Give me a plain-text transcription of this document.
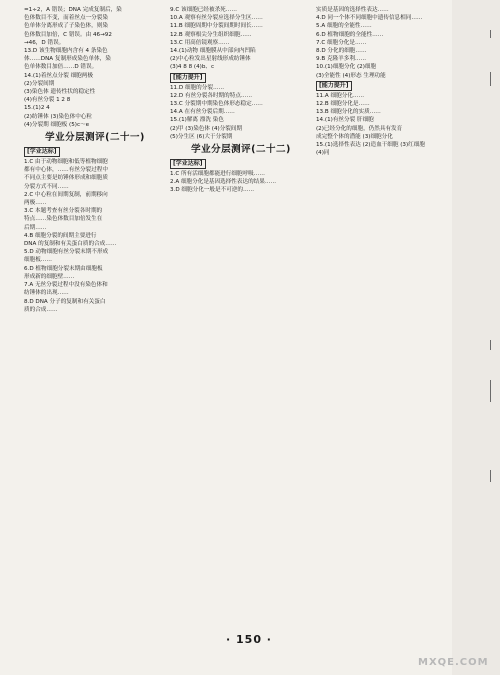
=1÷2，A 错误；DNA 完成复制后，染
色体数目不变，而着丝点一分裂染
色单体分离形成了子染色体，则染
色体数目加倍，C 错误。由 46→92
→46，D 错误。
13.D 该生物细胞内含有 4 条染色
体……DNA 复制形成染色单体，染
色单体数目加倍……D 错误。
14.(1)着丝点分裂 细胞两极
(2)分裂间期
(3)染色体 遗传性状的稳定性
(4)有丝分裂 1 2 8
15.(1)2 4
(2)纺锤体 (3)染色体中心粒
(4)分裂期 细胞板 (5)c～e
学业分层测评(二十一)
[学业达标]
1.C 由于动物细胞和低等植物细胞
都有中心体，……有丝分裂过程中
不同点主要是纺锤体形成和细胞质
分裂方式不同……
2.C 中心粒在间期复制，前期移向
两极……
3.C 本题考查有丝分裂各时期的
特点……染色体数目加倍发生在
后期……
4.B 细胞分裂的间期主要进行
DNA 的复制和有关蛋白质的合成……
5.D 动物细胞有丝分裂末期不形成
细胞板……
6.D 植物细胞分裂末期由细胞板
形成新的细胞壁……
7.A 无丝分裂过程中没有染色体和
纺锤体的出现……
8.D DNA 分子的复制和有关蛋白
质的合成……
9.C 该细胞已经被杀死……
10.A 观察有丝分裂应选择分生区……
11.B 细胞周期中分裂间期时间长……
12.B 观察根尖分生组织细胞……
13.C 用高倍镜观察……
14.(1)动物 细胞膜从中部向内凹陷
(2)中心粒发出星射线形成纺锤体
(3)4 8 8 (4)b、c
[能力提升]
11.D 细胞的分裂……
12.D 有丝分裂各时期的特点……
13.C 分裂期中期染色体形态稳定……
14.A 在有丝分裂后期……
15.(1)解离 漂洗 染色
(2)甲 (3)染色体 (4)分裂间期
(5)分生区 (6)大于分裂期
学业分层测评(二十二)
[学业达标]
1.C 所有活细胞都能进行细胞呼吸……
2.A 细胞分化是基因选择性表达的结果……
3.D 细胞分化一般是不可逆的……
实质是基因的选择性表达……
4.D 同一个体不同细胞中遗传信息相同……
5.A 细胞的全能性……
6.D 植物细胞的全能性……
7.C 细胞分化是……
8.D 分化的细胞……
9.B 克隆羊多利……
10.(1)细胞分化 (2)细胞
(3)全能性 (4)形态 生理功能
[能力提升]
11.A 细胞分化……
12.B 细胞分化是……
13.B 细胞分化的实质……
14.(1)有丝分裂 肝细胞
(2)已经分化的细胞，仍然具有发育
成完整个体的潜能 (3)细胞分化
15.(1)选择性表达 (2)造血干细胞 (3)红细胞
(4)同
· 150 ·
MXQE.COM
